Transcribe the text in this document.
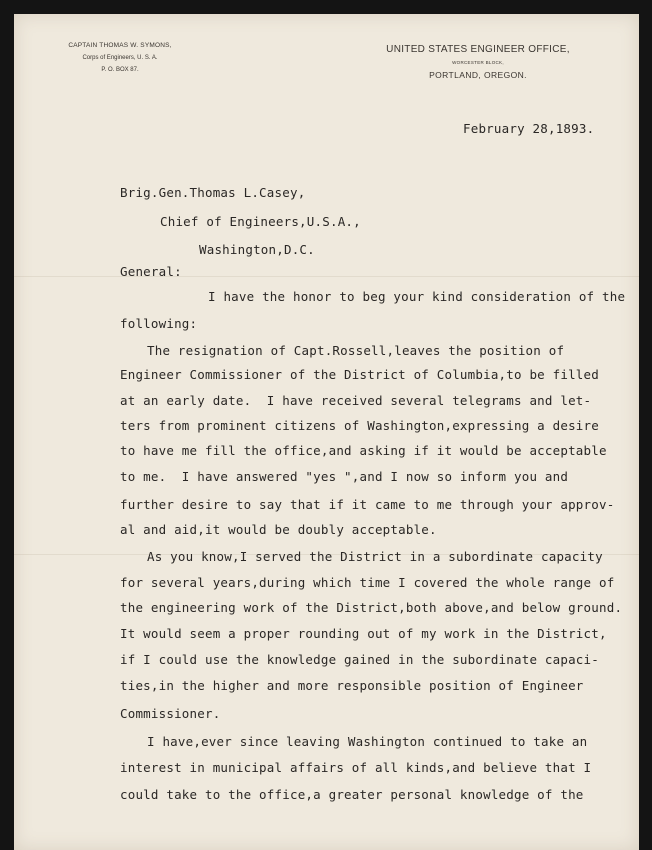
CAPTAIN THOMAS W. SYMONS,
Corps of Engineers, U. S. A.
P. O. BOX 87.
UNITED STATES ENGINEER OFFICE,
WORCESTER BLOCK,
PORTLAND, OREGON.
February 28,1893.
Brig.Gen.Thomas L.Casey,
Chief of Engineers,U.S.A.,
Washington,D.C.
General:
I have the honor to beg your kind consideration of the
following:
The resignation of Capt.Rossell,leaves the position of
Engineer Commissioner of the District of Columbia,to be filled
at an early date.  I have received several telegrams and let-
ters from prominent citizens of Washington,expressing a desire
to have me fill the office,and asking if it would be acceptable
to me.  I have answered "yes ",and I now so inform you and
further desire to say that if it came to me through your approv-
al and aid,it would be doubly acceptable.
As you know,I served the District in a subordinate capacity
for several years,during which time I covered the whole range of
the engineering work of the District,both above,and below ground.
It would seem a proper rounding out of my work in the District,
if I could use the knowledge gained in the subordinate capaci-
ties,in the higher and more responsible position of Engineer
Commissioner.
I have,ever since leaving Washington continued to take an
interest in municipal affairs of all kinds,and believe that I
could take to the office,a greater personal knowledge of the
